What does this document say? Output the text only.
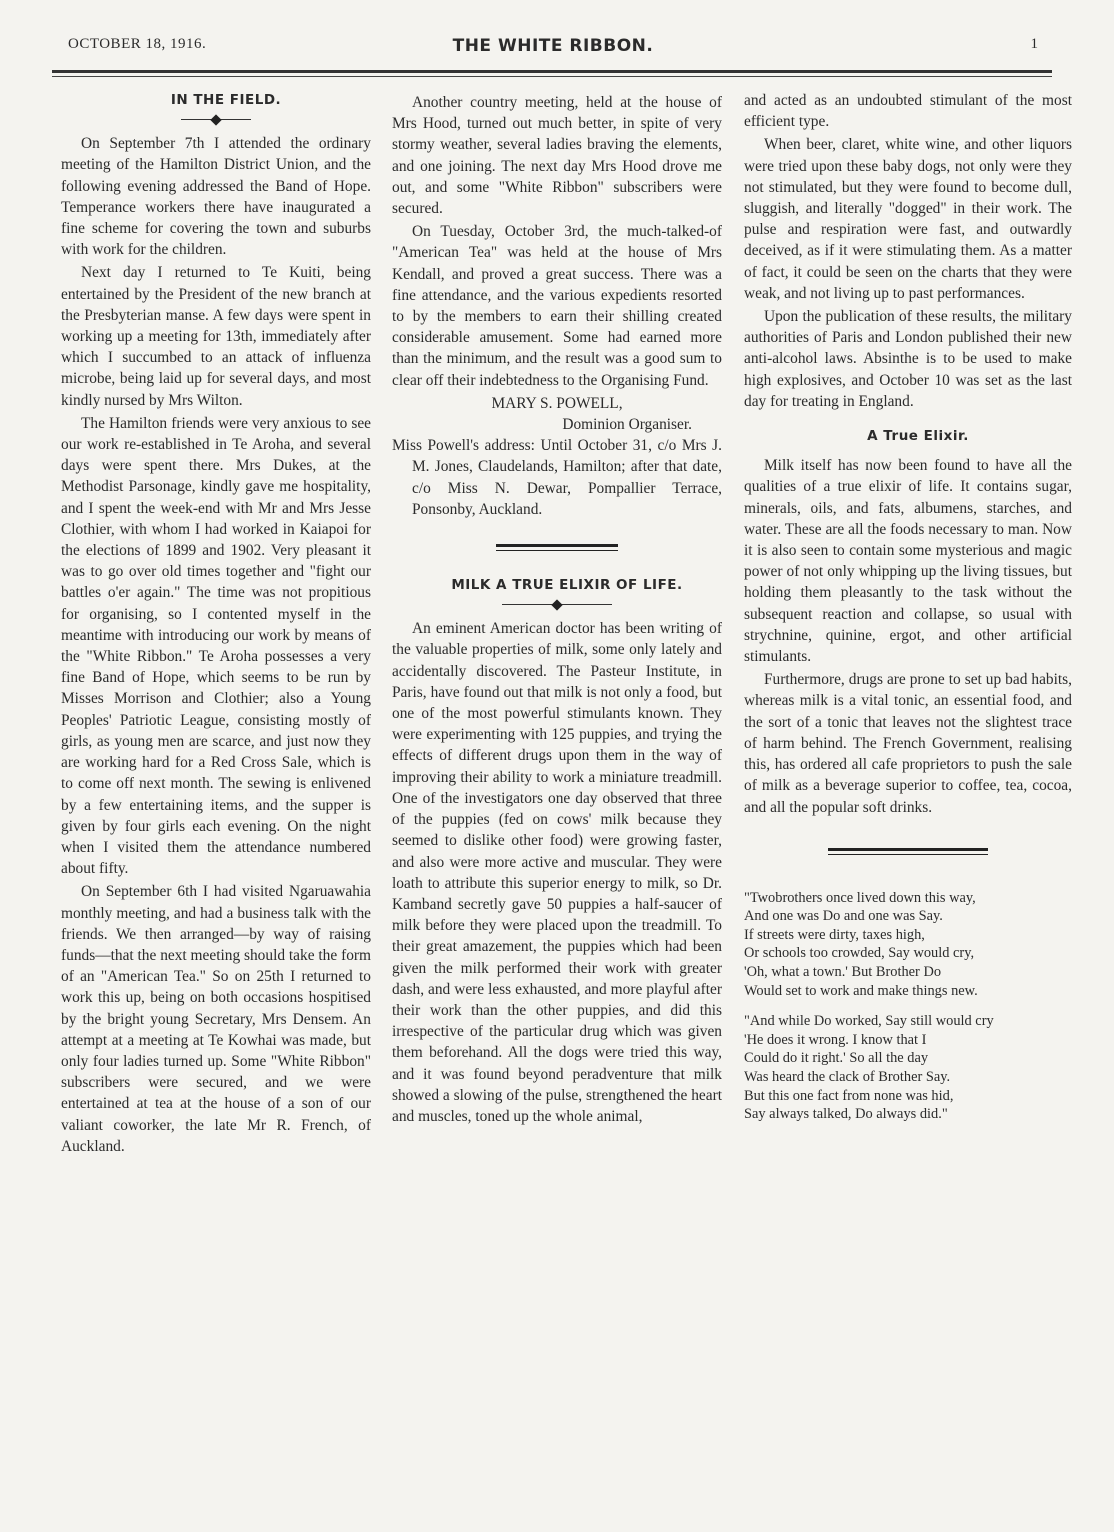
OCTOBER 18, 1916.	THE WHITE RIBBON.	1

IN THE FIELD.

On September 7th I attended the ordinary meeting of the Hamilton District Union, and the following evening addressed the Band of Hope. Temperance workers there have inaugurated a fine scheme for covering the town and suburbs with work for the children.

Next day I returned to Te Kuiti, being entertained by the President of the new branch at the Presbyterian manse. A few days were spent in working up a meeting for 13th, immediately after which I succumbed to an attack of influenza microbe, being laid up for several days, and most kindly nursed by Mrs Wilton.

The Hamilton friends were very anxious to see our work re-established in Te Aroha, and several days were spent there. Mrs Dukes, at the Methodist Parsonage, kindly gave me hospitality, and I spent the week-end with Mr and Mrs Jesse Clothier, with whom I had worked in Kaiapoi for the elections of 1899 and 1902. Very pleasant it was to go over old times together and "fight our battles o'er again." The time was not propitious for organising, so I contented myself in the meantime with introducing our work by means of the "White Ribbon." Te Aroha possesses a very fine Band of Hope, which seems to be run by Misses Morrison and Clothier; also a Young Peoples' Patriotic League, consisting mostly of girls, as young men are scarce, and just now they are working hard for a Red Cross Sale, which is to come off next month. The sewing is enlivened by a few entertaining items, and the supper is given by four girls each evening. On the night when I visited them the attendance numbered about fifty.

On September 6th I had visited Ngaruawahia monthly meeting, and had a business talk with the friends. We then arranged—by way of raising funds—that the next meeting should take the form of an "American Tea." So on 25th I returned to work this up, being on both occasions hospitised by the bright young Secretary, Mrs Densem. An attempt at a meeting at Te Kowhai was made, but only four ladies turned up. Some "White Ribbon" subscribers were secured, and we were entertained at tea at the house of a son of our valiant coworker, the late Mr R. French, of Auckland.

Another country meeting, held at the house of Mrs Hood, turned out much better, in spite of very stormy weather, several ladies braving the elements, and one joining. The next day Mrs Hood drove me out, and some "White Ribbon" subscribers were secured.

On Tuesday, October 3rd, the much-talked-of "American Tea" was held at the house of Mrs Kendall, and proved a great success. There was a fine attendance, and the various expedients resorted to by the members to earn their shilling created considerable amusement. Some had earned more than the minimum, and the result was a good sum to clear off their indebtedness to the Organising Fund.

MARY S. POWELL,

Dominion Organiser.

Miss Powell's address: Until October 31, c/o Mrs J. M. Jones, Claudelands, Hamilton; after that date, c/o Miss N. Dewar, Pompallier Terrace, Ponsonby, Auckland.

MILK A TRUE ELIXIR OF LIFE.

An eminent American doctor has been writing of the valuable properties of milk, some only lately and accidentally discovered. The Pasteur Institute, in Paris, have found out that milk is not only a food, but one of the most powerful stimulants known. They were experimenting with 125 puppies, and trying the effects of different drugs upon them in the way of improving their ability to work a miniature treadmill. One of the investigators one day observed that three of the puppies (fed on cows' milk because they seemed to dislike other food) were growing faster, and also were more active and muscular. They were loath to attribute this superior energy to milk, so Dr. Kamband secretly gave 50 puppies a half-saucer of milk before they were placed upon the treadmill. To their great amazement, the puppies which had been given the milk performed their work with greater dash, and were less exhausted, and more playful after their work than the other puppies, and did this irrespective of the particular drug which was given them beforehand. All the dogs were tried this way, and it was found beyond peradventure that milk showed a slowing of the pulse, strengthened the heart and muscles, toned up the whole animal,

and acted as an undoubted stimulant of the most efficient type.

When beer, claret, white wine, and other liquors were tried upon these baby dogs, not only were they not stimulated, but they were found to become dull, sluggish, and literally "dogged" in their work. The pulse and respiration were fast, and outwardly deceived, as if it were stimulating them. As a matter of fact, it could be seen on the charts that they were weak, and not living up to past performances.

Upon the publication of these results, the military authorities of Paris and London published their new anti-alcohol laws. Absinthe is to be used to make high explosives, and October 10 was set as the last day for treating in England.

A True Elixir.

Milk itself has now been found to have all the qualities of a true elixir of life. It contains sugar, minerals, oils, and fats, albumens, starches, and water. These are all the foods necessary to man. Now it is also seen to contain some mysterious and magic power of not only whipping up the living tissues, but holding them pleasantly to the task without the subsequent reaction and collapse, so usual with strychnine, quinine, ergot, and other artificial stimulants.

Furthermore, drugs are prone to set up bad habits, whereas milk is a vital tonic, an essential food, and the sort of a tonic that leaves not the slightest trace of harm behind. The French Government, realising this, has ordered all cafe proprietors to push the sale of milk as a beverage superior to coffee, tea, cocoa, and all the popular soft drinks.

"Twobrothers once lived down this way,
And one was Do and one was Say.
If streets were dirty, taxes high,
Or schools too crowded, Say would cry,
'Oh, what a town.' But Brother Do
Would set to work and make things new.
"And while Do worked, Say still would cry
'He does it wrong. I know that I
Could do it right.' So all the day
Was heard the clack of Brother Say.
But this one fact from none was hid,
Say always talked, Do always did."
